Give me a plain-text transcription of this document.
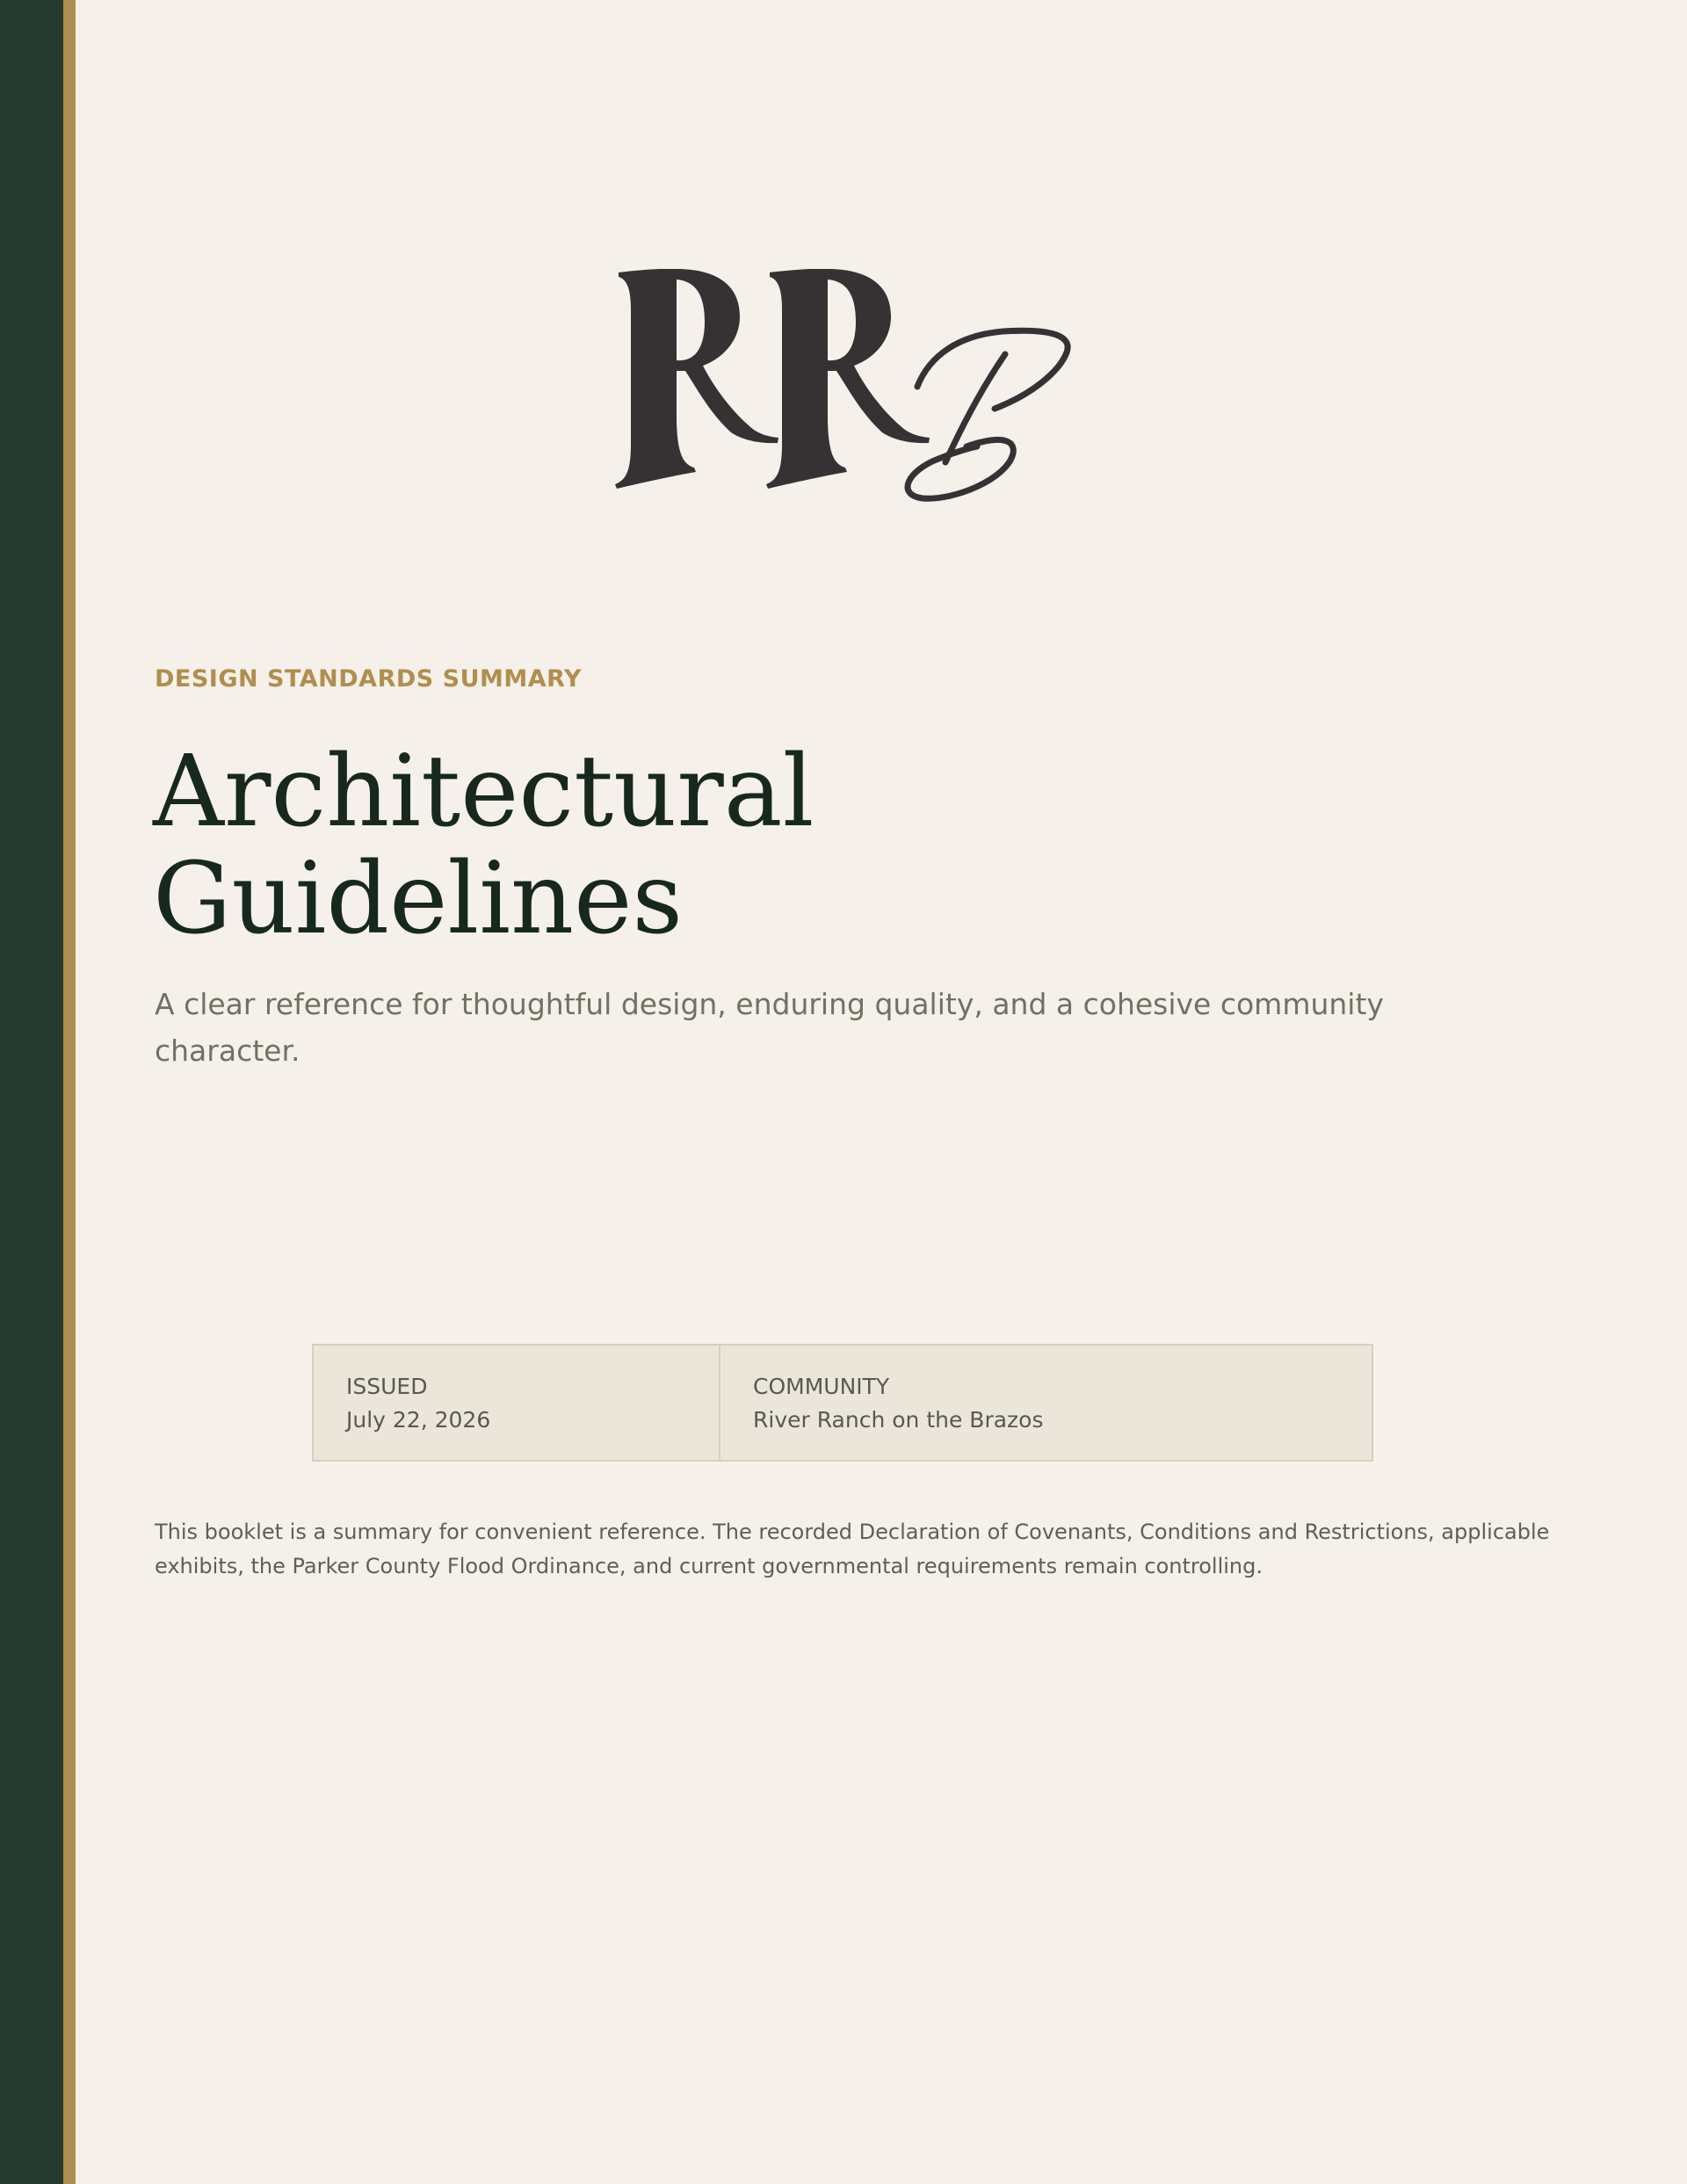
DESIGN STANDARDS SUMMARY
Architectural
Guidelines
A clear reference for thoughtful design, enduring quality, and a cohesive community character.
ISSUED
July 22, 2026
COMMUNITY
River Ranch on the Brazos
This booklet is a summary for convenient reference. The recorded Declaration of Covenants, Conditions and Restrictions, applicable exhibits, the Parker County Flood Ordinance, and current governmental requirements remain controlling.
